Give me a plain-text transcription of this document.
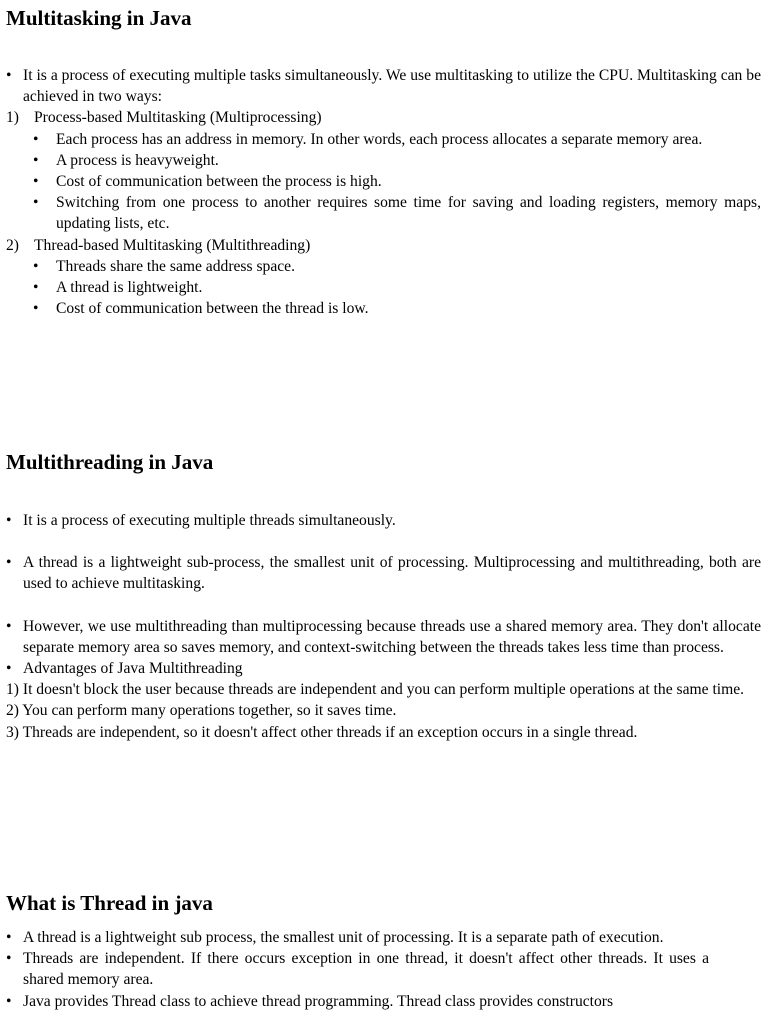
Multitasking in Java
• It is a process of executing multiple tasks simultaneously. We use multitasking to utilize the CPU. Multitasking can be achieved in two ways:
1) Process-based Multitasking (Multiprocessing)
• Each process has an address in memory. In other words, each process allocates a separate memory area.
• A process is heavyweight.
• Cost of communication between the process is high.
• Switching from one process to another requires some time for saving and loading registers, memory maps, updating lists, etc.
2) Thread-based Multitasking (Multithreading)
• Threads share the same address space.
• A thread is lightweight.
• Cost of communication between the thread is low.
Multithreading in Java
• It is a process of executing multiple threads simultaneously.
• A thread is a lightweight sub-process, the smallest unit of processing. Multiprocessing and multithreading, both are used to achieve multitasking.
• However, we use multithreading than multiprocessing because threads use a shared memory area. They don't allocate separate memory area so saves memory, and context-switching between the threads takes less time than process.
• Advantages of Java Multithreading
1) It doesn't block the user because threads are independent and you can perform multiple operations at the same time.
2) You can perform many operations together, so it saves time.
3) Threads are independent, so it doesn't affect other threads if an exception occurs in a single thread.
What is Thread in java
• A thread is a lightweight sub process, the smallest unit of processing. It is a separate path of execution.
• Threads are independent. If there occurs exception in one thread, it doesn't affect other threads. It uses a shared memory area.
• Java provides Thread class to achieve thread programming. Thread class provides constructors
